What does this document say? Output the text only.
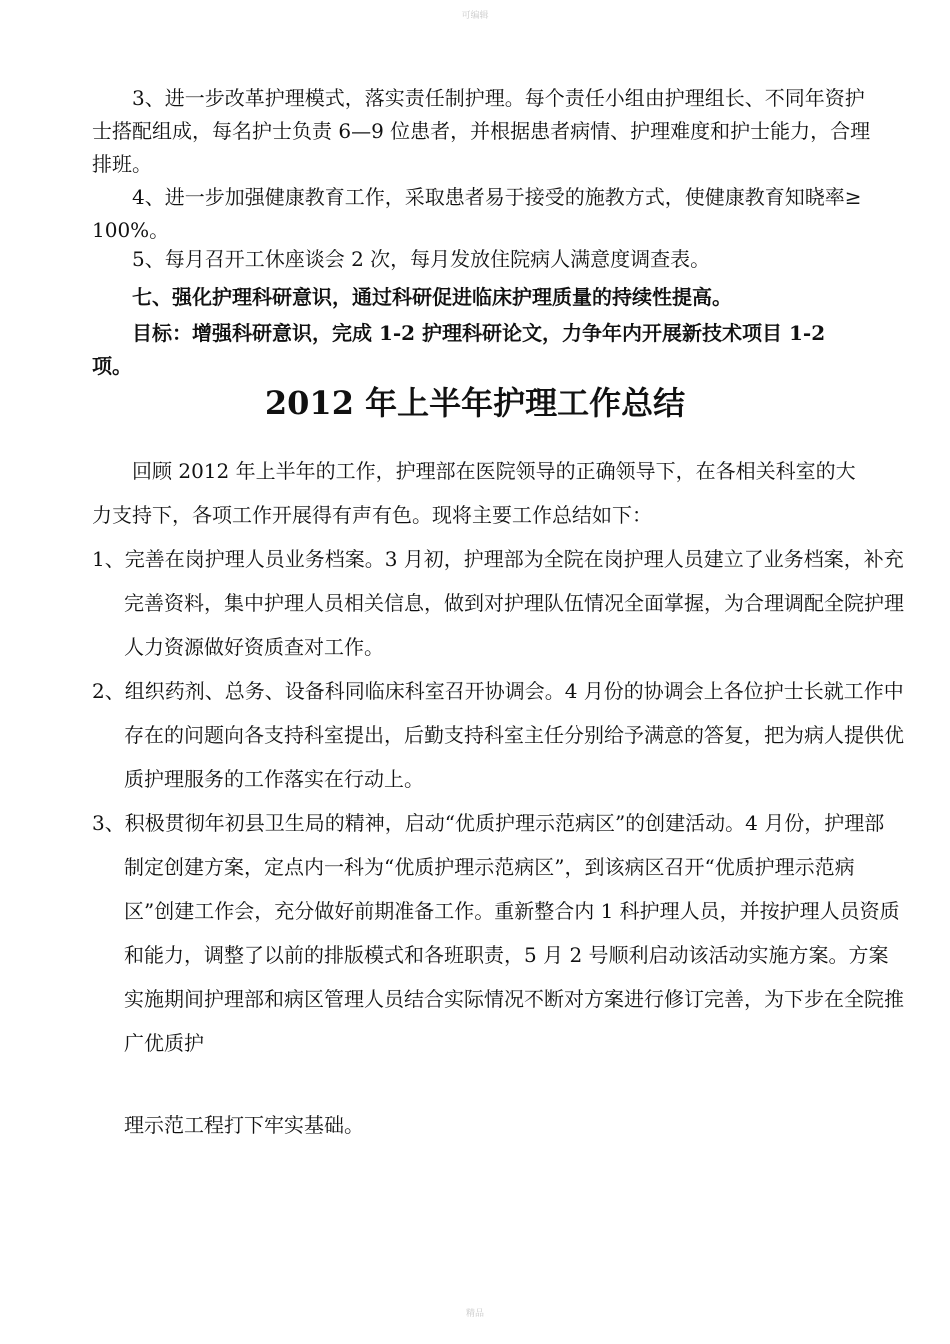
可编辑

3、进一步改革护理模式，落实责任制护理。每个责任小组由护理组长、不同年资护士搭配组成，每名护士负责 6—9 位患者，并根据患者病情、护理难度和护士能力，合理排班。

4、进一步加强健康教育工作，采取患者易于接受的施教方式，使健康教育知晓率≥ 100%。

5、每月召开工休座谈会 2 次，每月发放住院病人满意度调查表。

七、强化护理科研意识，通过科研促进临床护理质量的持续性提高。

目标：增强科研意识，完成 1-2 护理科研论文，力争年内开展新技术项目 1-2 项。

2012 年上半年护理工作总结

回顾 2012 年上半年的工作，护理部在医院领导的正确领导下，在各相关科室的大力支持下，各项工作开展得有声有色。现将主要工作总结如下：

1、完善在岗护理人员业务档案。3 月初，护理部为全院在岗护理人员建立了业务档案，补充完善资料，集中护理人员相关信息，做到对护理队伍情况全面掌握，为合理调配全院护理人力资源做好资质查对工作。

2、组织药剂、总务、设备科同临床科室召开协调会。4 月份的协调会上各位护士长就工作中存在的问题向各支持科室提出，后勤支持科室主任分别给予满意的答复，把为病人提供优质护理服务的工作落实在行动上。

3、积极贯彻年初县卫生局的精神，启动“优质护理示范病区”的创建活动。4 月份，护理部制定创建方案，定点内一科为“优质护理示范病区”，到该病区召开“优质护理示范病区”创建工作会，充分做好前期准备工作。重新整合内 1 科护理人员，并按护理人员资质和能力，调整了以前的排版模式和各班职责，5 月 2 号顺利启动该活动实施方案。方案实施期间护理部和病区管理人员结合实际情况不断对方案进行修订完善，为下步在全院推广优质护

理示范工程打下牢实基础。

精品
